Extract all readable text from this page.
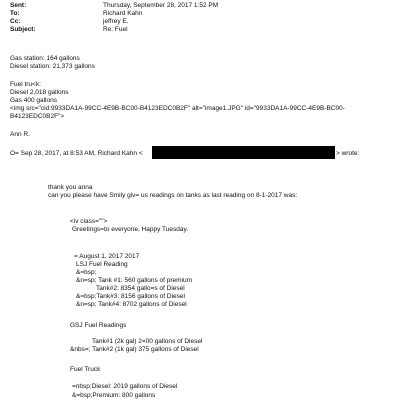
Sent:	Thursday, September 28, 2017 1:52 PM
To:	Richard Kahn
Cc:	jeffrey E.
Subject:	Re: Fuel
Gas station: 164 gallons
Diesel station: 21,373 gallons
Fuel tru<k:
Diesel 2,018 gallons
Gas 400 gallons
<img src="cid:9933DA1A-99CC-4E9B-BC00-B4123EDC0B2F" alt="image1.JPG" id="9933DA1A-99CC-4E9B-BC00-
B4123EDC0B2F">
Ann R.
O= Sep 28, 2017, at 8:53 AM, Richard Kahn <	> wrote:
thank you anna
can you please have Smily giv= us readings on tanks as last reading on 8-1-2017 was:
<iv class="">
Greetings=to everyone, Happy Tuesday.
= August 1, 2017 2017
LSJ Fuel Reading
&=bsp;
&n=sp; Tank #1: 560 gallons of premium
Tank#2: 8354 gallo=s of Diesel
&=bsp;Tank#3: 8156 gallons of Diesel
&n=sp; Tank#4: 8702 gallons of Diesel
GSJ Fuel Readings
Tank#1 (2k gal) 2=00 gallons of Diesel
&nbs=; Tank#2 (1k gal) 375 gallons of Diesel
Fuel Truck
=nbsp;Diesel: 2019 gallons of Diesel
&=bsp;Premium: 800 gallons
